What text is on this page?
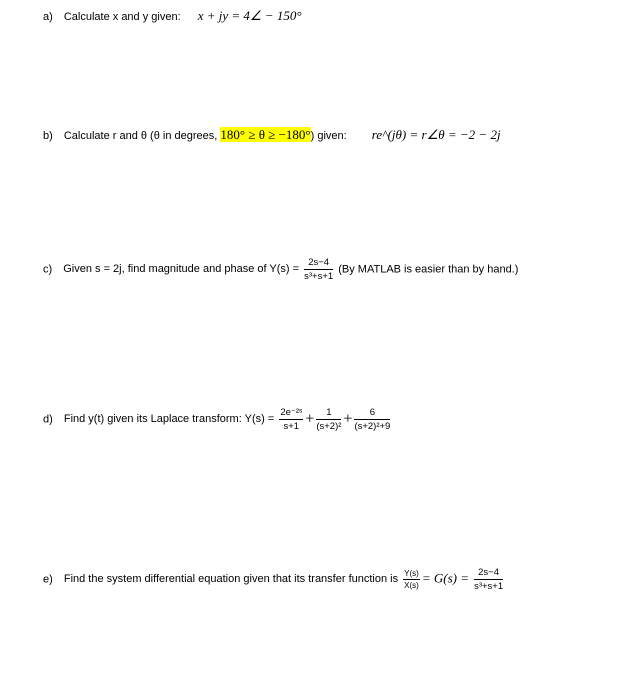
a) Calculate x and y given: x + jy = 4∠ − 150°
b) Calculate r and θ (θ in degrees, 180° ≥ θ ≥ −180°) given: re^(jθ) = r∠θ = −2 − 2j
c) Given s = 2j, find magnitude and phase of $Y(s) = \frac{2s-4}{\text{s³+s+1}} (By$ MATLAB is easier than by hand.)
d) Find y(t) given its Laplace transform: $Y(s) = \frac{\text{2e⁻²ˢ}}{s+1} + \frac{1}{\text{(s+2)²}} + \frac{6}{\text{(s+2)²+9}}$
e) Find the system differential equation given that its transfer function is $\frac{Y(s)}{X(s)} = G(s) = \frac{2s-4}{\text{s³+s+1}}$
